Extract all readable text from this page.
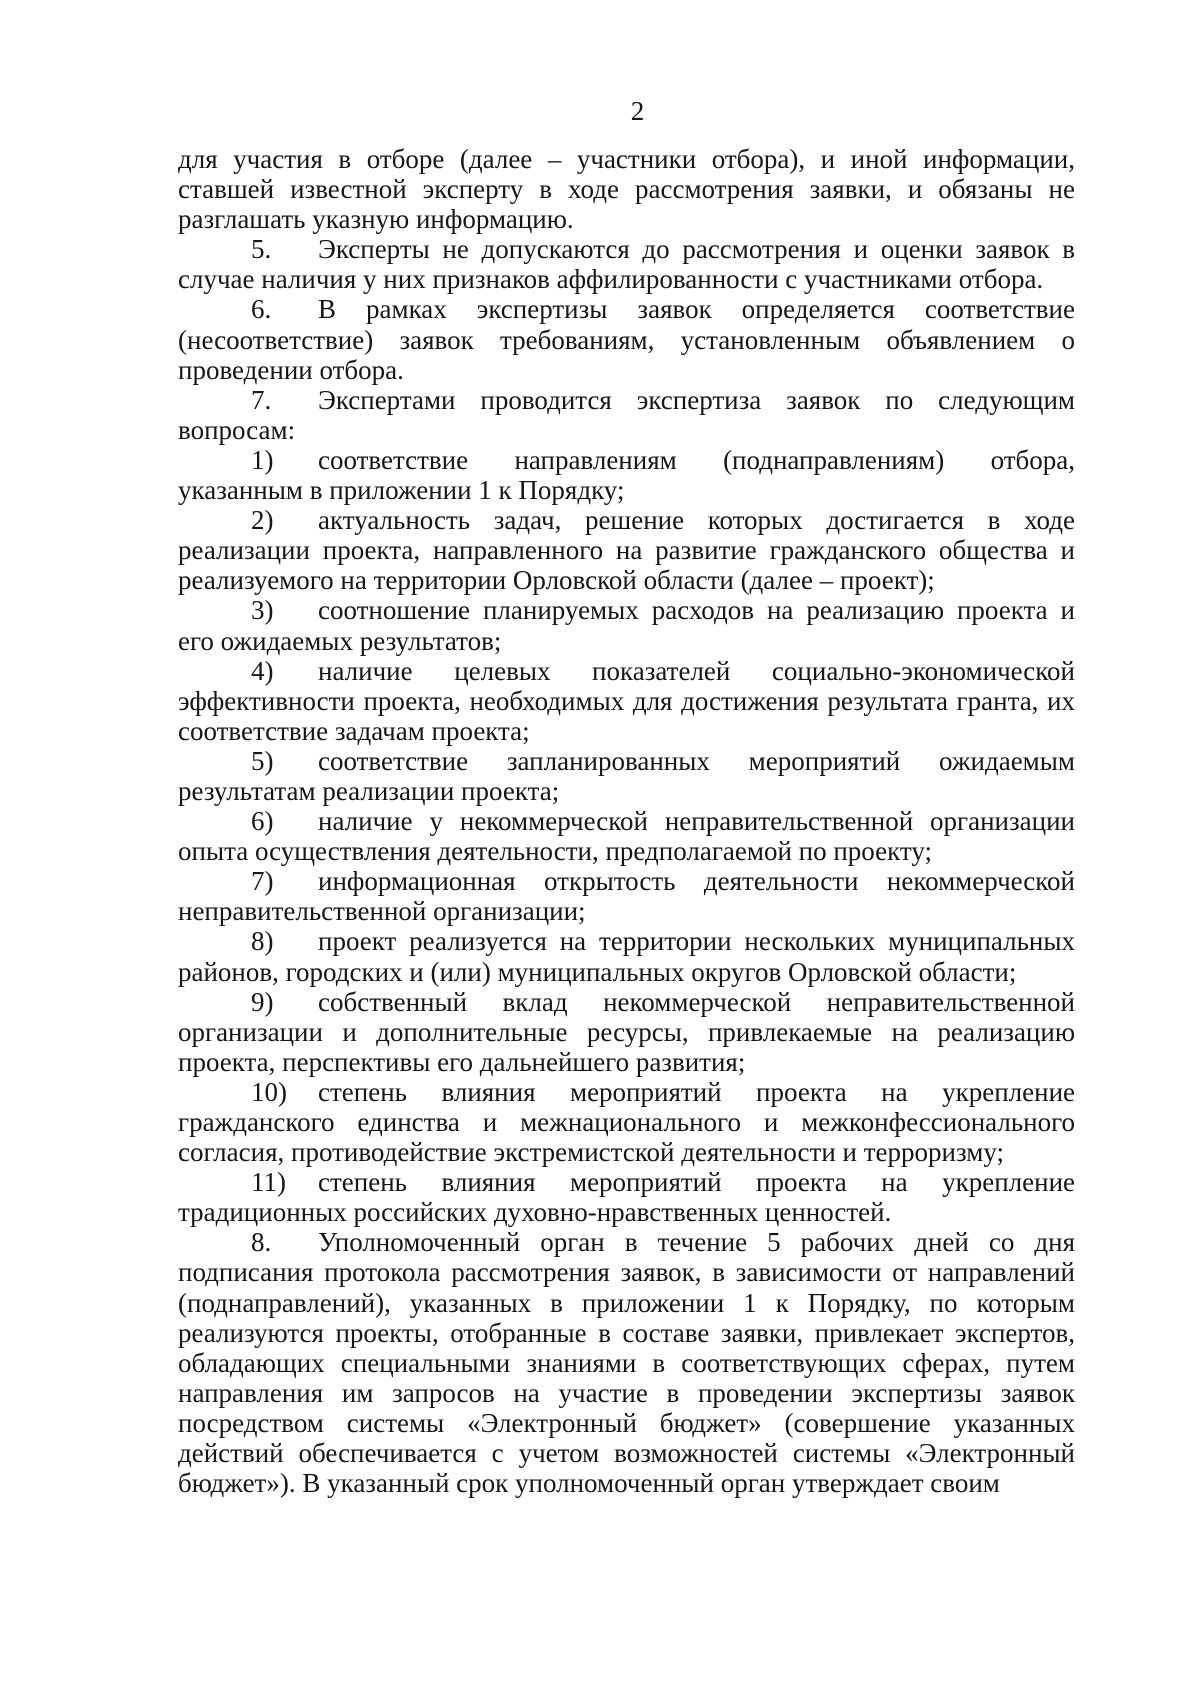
2

для участия в отборе (далее – участники отбора), и иной информации, ставшей известной эксперту в ходе рассмотрения заявки, и обязаны не разглашать указную информацию.

5. Эксперты не допускаются до рассмотрения и оценки заявок в случае наличия у них признаков аффилированности с участниками отбора.

6. В рамках экспертизы заявок определяется соответствие (несоответствие) заявок требованиям, установленным объявлением о проведении отбора.

7. Экспертами проводится экспертиза заявок по следующим вопросам:

1) соответствие направлениям (поднаправлениям) отбора, указанным в приложении 1 к Порядку;

2) актуальность задач, решение которых достигается в ходе реализации проекта, направленного на развитие гражданского общества и реализуемого на территории Орловской области (далее – проект);

3) соотношение планируемых расходов на реализацию проекта и его ожидаемых результатов;

4) наличие целевых показателей социально-экономической эффективности проекта, необходимых для достижения результата гранта, их соответствие задачам проекта;

5) соответствие запланированных мероприятий ожидаемым результатам реализации проекта;

6) наличие у некоммерческой неправительственной организации опыта осуществления деятельности, предполагаемой по проекту;

7) информационная открытость деятельности некоммерческой неправительственной организации;

8) проект реализуется на территории нескольких муниципальных районов, городских и (или) муниципальных округов Орловской области;

9) собственный вклад некоммерческой неправительственной организации и дополнительные ресурсы, привлекаемые на реализацию проекта, перспективы его дальнейшего развития;

10) степень влияния мероприятий проекта на укрепление гражданского единства и межнационального и межконфессионального согласия, противодействие экстремистской деятельности и терроризму;

11) степень влияния мероприятий проекта на укрепление традиционных российских духовно-нравственных ценностей.

8. Уполномоченный орган в течение 5 рабочих дней со дня подписания протокола рассмотрения заявок, в зависимости от направлений (поднаправлений), указанных в приложении 1 к Порядку, по которым реализуются проекты, отобранные в составе заявки, привлекает экспертов, обладающих специальными знаниями в соответствующих сферах, путем направления им запросов на участие в проведении экспертизы заявок посредством системы «Электронный бюджет» (совершение указанных действий обеспечивается с учетом возможностей системы «Электронный бюджет»). В указанный срок уполномоченный орган утверждает своим
